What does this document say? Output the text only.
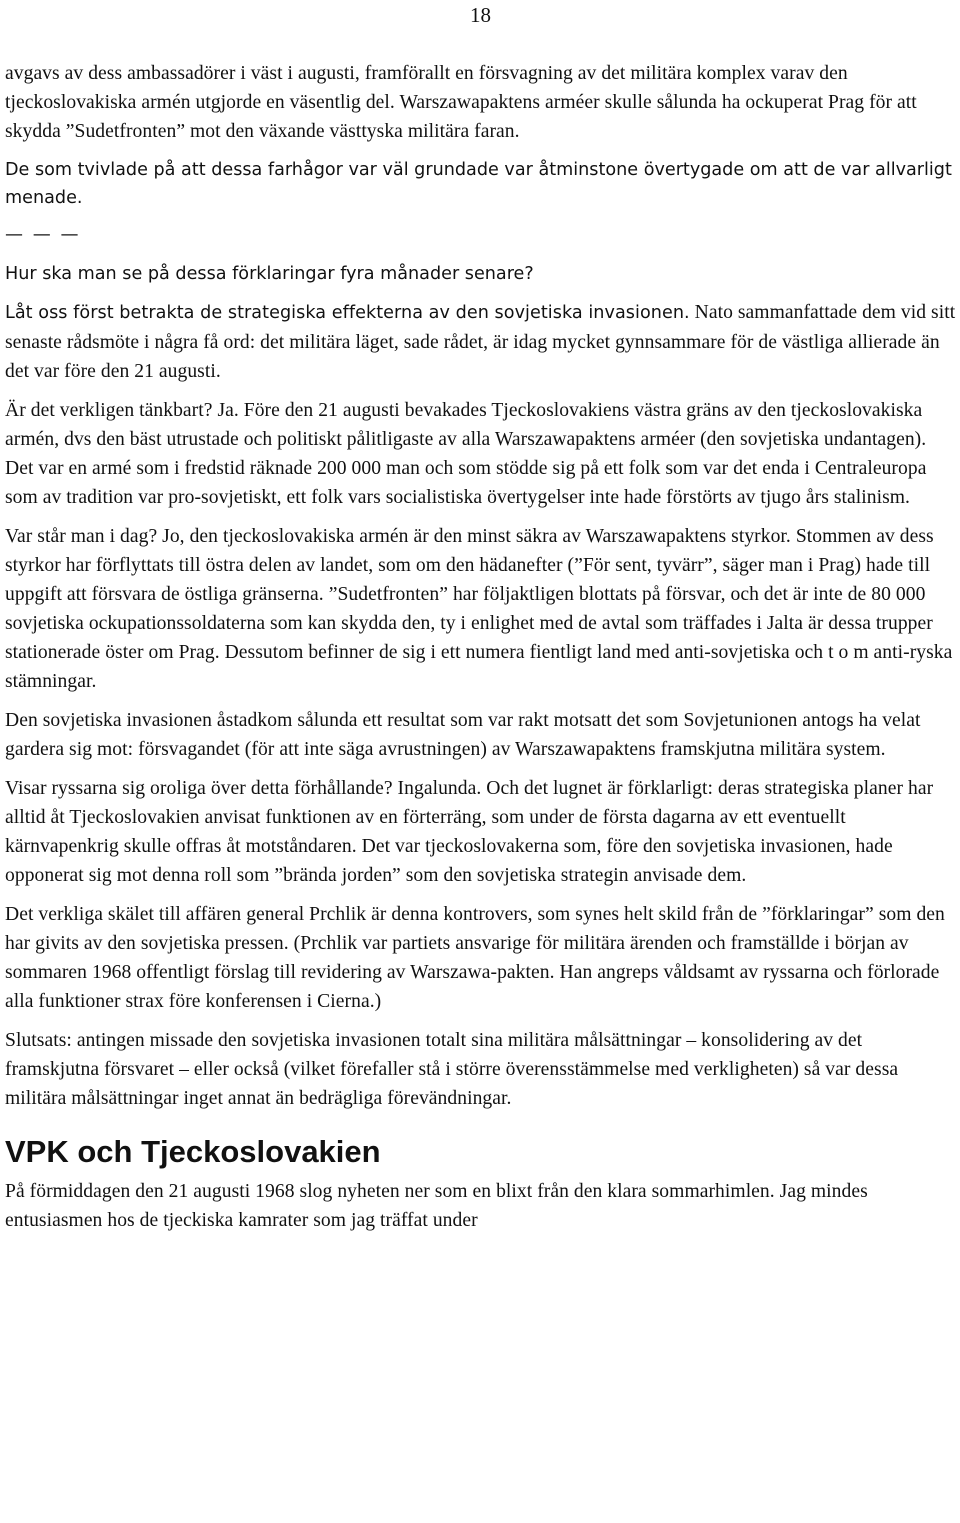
18

avgavs av dess ambassadörer i väst i augusti, framförallt en försvagning av det militära komplex varav den tjeckoslovakiska armén utgjorde en väsentlig del. Warszawapaktens arméer skulle sålunda ha ockuperat Prag för att skydda ”Sudetfronten” mot den växande västtyska militära faran.

De som tvivlade på att dessa farhågor var väl grundade var åtminstone övertygade om att de var allvarligt menade.

— — —

Hur ska man se på dessa förklaringar fyra månader senare?

Låt oss först betrakta de strategiska effekterna av den sovjetiska invasionen. Nato sammanfattade dem vid sitt senaste rådsmöte i några få ord: det militära läget, sade rådet, är idag mycket gynnsammare för de västliga allierade än det var före den 21 augusti.

Är det verkligen tänkbart? Ja. Före den 21 augusti bevakades Tjeckoslovakiens västra gräns av den tjeckoslovakiska armén, dvs den bäst utrustade och politiskt pålitligaste av alla Warszawapaktens arméer (den sovjetiska undantagen). Det var en armé som i fredstid räknade 200 000 man och som stödde sig på ett folk som var det enda i Centraleuropa som av tradition var pro-sovjetiskt, ett folk vars socialistiska övertygelser inte hade förstörts av tjugo års stalinism.

Var står man i dag? Jo, den tjeckoslovakiska armén är den minst säkra av Warszawapaktens styrkor. Stommen av dess styrkor har förflyttats till östra delen av landet, som om den hädanefter (”För sent, tyvärr”, säger man i Prag) hade till uppgift att försvara de östliga gränserna. ”Sudetfronten” har följaktligen blottats på försvar, och det är inte de 80 000 sovjetiska ockupationssoldaterna som kan skydda den, ty i enlighet med de avtal som träffades i Jalta är dessa trupper stationerade öster om Prag. Dessutom befinner de sig i ett numera fientligt land med anti-sovjetiska och t o m anti-ryska stämningar.

Den sovjetiska invasionen åstadkom sålunda ett resultat som var rakt motsatt det som Sovjetunionen antogs ha velat gardera sig mot: försvagandet (för att inte säga avrustningen) av Warszawapaktens framskjutna militära system.

Visar ryssarna sig oroliga över detta förhållande? Ingalunda. Och det lugnet är förklarligt: deras strategiska planer har alltid åt Tjeckoslovakien anvisat funktionen av en förterräng, som under de första dagarna av ett eventuellt kärnvapenkrig skulle offras åt motståndaren. Det var tjeckoslovakerna som, före den sovjetiska invasionen, hade opponerat sig mot denna roll som ”brända jorden” som den sovjetiska strategin anvisade dem.

Det verkliga skälet till affären general Prchlik är denna kontrovers, som synes helt skild från de ”förklaringar” som den har givits av den sovjetiska pressen. (Prchlik var partiets ansvarige för militära ärenden och framställde i början av sommaren 1968 offentligt förslag till revidering av Warszawa-pakten. Han angreps våldsamt av ryssarna och förlorade alla funktioner strax före konferensen i Cierna.)

Slutsats: antingen missade den sovjetiska invasionen totalt sina militära målsättningar – konsolidering av det framskjutna försvaret – eller också (vilket förefaller stå i större överensstämmelse med verkligheten) så var dessa militära målsättningar inget annat än bedrägliga förevändningar.

VPK och Tjeckoslovakien

På förmiddagen den 21 augusti 1968 slog nyheten ner som en blixt från den klara sommarhimlen. Jag mindes entusiasmen hos de tjeckiska kamrater som jag träffat under
